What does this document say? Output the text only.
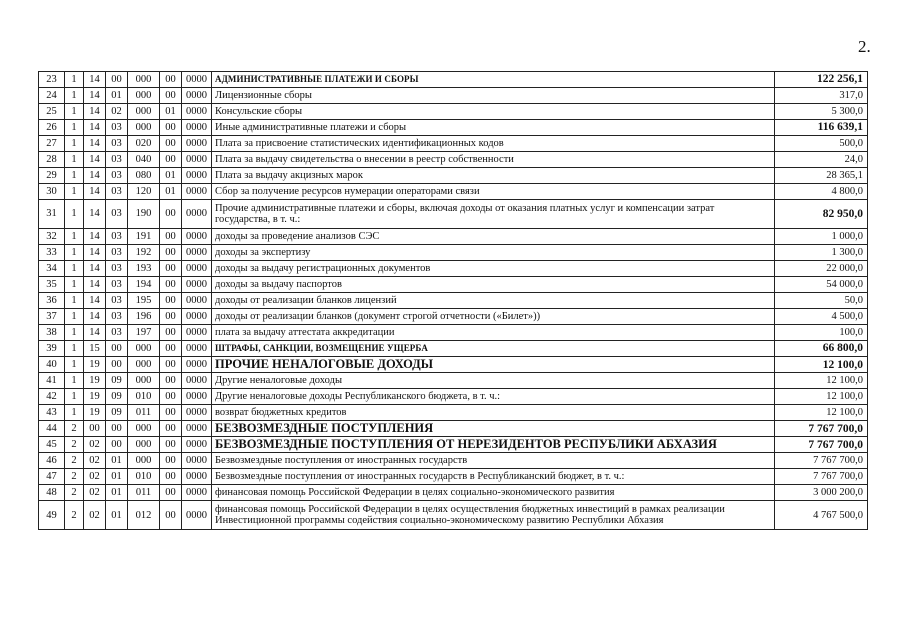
2.
23	1	14	00	000	00	0000	АДМИНИСТРАТИВНЫЕ ПЛАТЕЖИ И СБОРЫ	122 256,1
24	1	14	01	000	00	0000	Лицензионные сборы	317,0
25	1	14	02	000	01	0000	Консульские сборы	5 300,0
26	1	14	03	000	00	0000	Иные административные платежи и сборы	116 639,1
27	1	14	03	020	00	0000	Плата за присвоение статистических идентификационных кодов	500,0
28	1	14	03	040	00	0000	Плата за выдачу свидетельства о внесении в реестр собственности	24,0
29	1	14	03	080	01	0000	Плата за выдачу акцизных марок	28 365,1
30	1	14	03	120	01	0000	Сбор за получение ресурсов нумерации операторами связи	4 800,0
31	1	14	03	190	00	0000	Прочие административные платежи и сборы, включая доходы от оказания платных услуг и компенсации затрат государства, в т. ч.:	82 950,0
32	1	14	03	191	00	0000	доходы за проведение анализов СЭС	1 000,0
33	1	14	03	192	00	0000	доходы за экспертизу	1 300,0
34	1	14	03	193	00	0000	доходы за выдачу регистрационных документов	22 000,0
35	1	14	03	194	00	0000	доходы за выдачу паспортов	54 000,0
36	1	14	03	195	00	0000	доходы от реализации бланков лицензий	50,0
37	1	14	03	196	00	0000	доходы от реализации бланков (документ строгой отчетности («Билет»))	4 500,0
38	1	14	03	197	00	0000	плата за выдачу аттестата аккредитации	100,0
39	1	15	00	000	00	0000	ШТРАФЫ, САНКЦИИ, ВОЗМЕЩЕНИЕ УЩЕРБА	66 800,0
40	1	19	00	000	00	0000	ПРОЧИЕ НЕНАЛОГОВЫЕ ДОХОДЫ	12 100,0
41	1	19	09	000	00	0000	Другие неналоговые доходы	12 100,0
42	1	19	09	010	00	0000	Другие неналоговые доходы Республиканского бюджета, в т. ч.:	12 100,0
43	1	19	09	011	00	0000	возврат бюджетных кредитов	12 100,0
44	2	00	00	000	00	0000	БЕЗВОЗМЕЗДНЫЕ ПОСТУПЛЕНИЯ	7 767 700,0
45	2	02	00	000	00	0000	БЕЗВОЗМЕЗДНЫЕ ПОСТУПЛЕНИЯ ОТ НЕРЕЗИДЕНТОВ РЕСПУБЛИКИ АБХАЗИЯ	7 767 700,0
46	2	02	01	000	00	0000	Безвозмездные поступления от иностранных государств	7 767 700,0
47	2	02	01	010	00	0000	Безвозмездные поступления от иностранных государств в Республиканский бюджет, в т. ч.:	7 767 700,0
48	2	02	01	011	00	0000	финансовая помощь Российской Федерации в целях социально-экономического развития	3 000 200,0
49	2	02	01	012	00	0000	финансовая помощь Российской Федерации в целях осуществления бюджетных инвестиций в рамках реализации Инвестиционной программы содействия социально-экономическому развитию Республики Абхазия	4 767 500,0
